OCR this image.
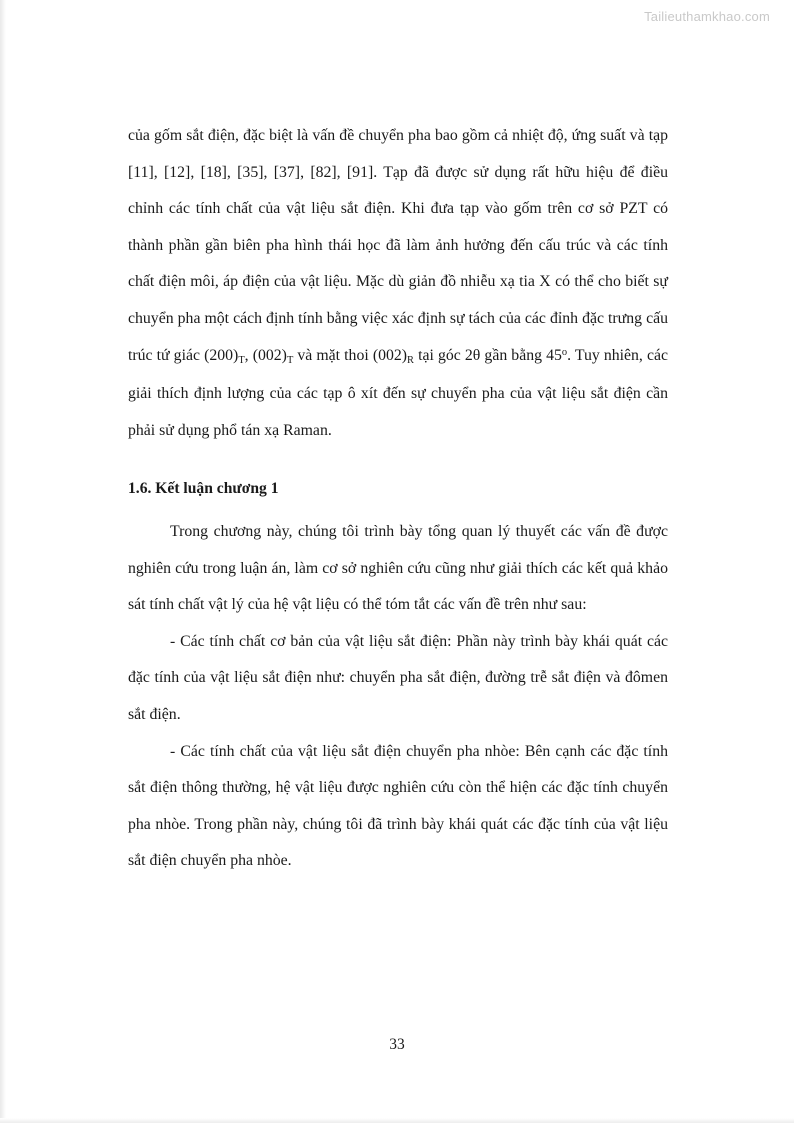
Tailieuthamkhao.com

của gốm sắt điện, đặc biệt là vấn đề chuyển pha bao gồm cả nhiệt độ, ứng suất và tạp [11], [12], [18], [35], [37], [82], [91]. Tạp đã được sử dụng rất hữu hiệu để điều chỉnh các tính chất của vật liệu sắt điện. Khi đưa tạp vào gốm trên cơ sở PZT có thành phần gần biên pha hình thái học đã làm ảnh hưởng đến cấu trúc và các tính chất điện môi, áp điện của vật liệu. Mặc dù giản đồ nhiễu xạ tia X có thể cho biết sự chuyển pha một cách định tính bằng việc xác định sự tách của các đỉnh đặc trưng cấu trúc tứ giác $(200)_T$, $(002)_T$ và mặt thoi $(002)_R$ tại góc 2θ gần bằng 45$^o$. Tuy nhiên, các giải thích định lượng của các tạp ô xít đến sự chuyển pha của vật liệu sắt điện cần phải sử dụng phổ tán xạ Raman.

1.6. Kết luận chương 1

Trong chương này, chúng tôi trình bày tổng quan lý thuyết các vấn đề được nghiên cứu trong luận án, làm cơ sở nghiên cứu cũng như giải thích các kết quả khảo sát tính chất vật lý của hệ vật liệu có thể tóm tắt các vấn đề trên như sau:

- Các tính chất cơ bản của vật liệu sắt điện: Phần này trình bày khái quát các đặc tính của vật liệu sắt điện như: chuyển pha sắt điện, đường trễ sắt điện và đômen sắt điện.

- Các tính chất của vật liệu sắt điện chuyển pha nhòe: Bên cạnh các đặc tính sắt điện thông thường, hệ vật liệu được nghiên cứu còn thể hiện các đặc tính chuyển pha nhòe. Trong phần này, chúng tôi đã trình bày khái quát các đặc tính của vật liệu sắt điện chuyển pha nhòe.

33
